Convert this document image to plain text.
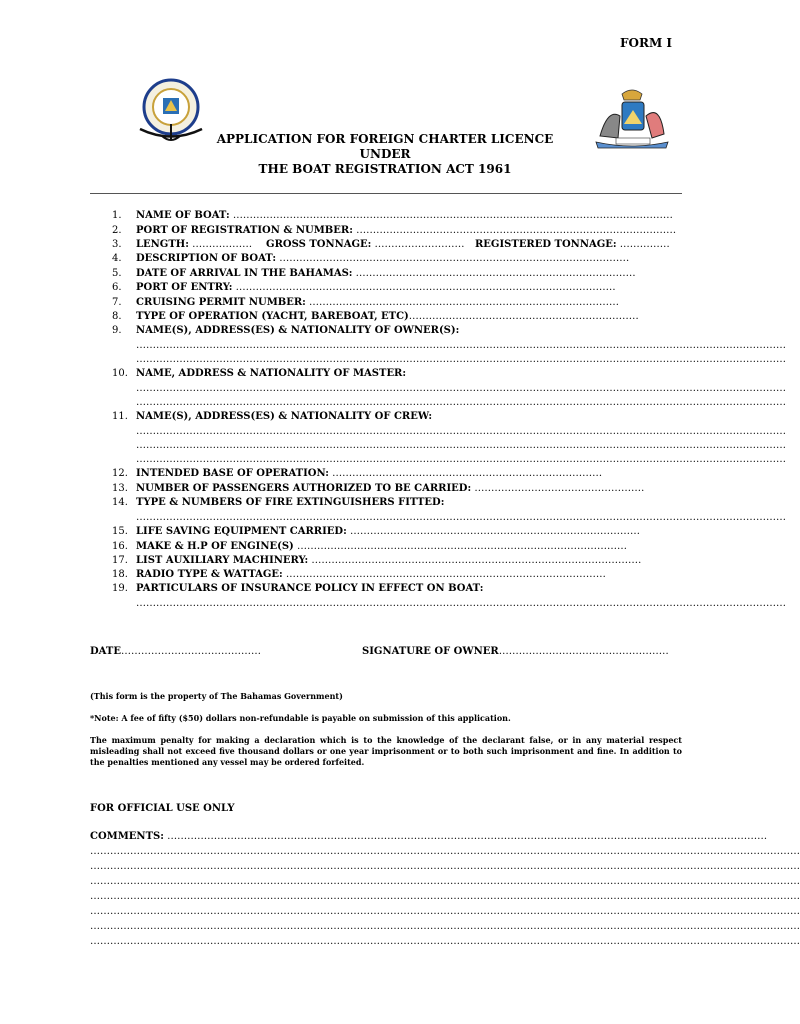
FORM I
APPLICATION FOR FOREIGN CHARTER LICENCE
UNDER
THE BOAT REGISTRATION ACT 1961
1. NAME OF BOAT: ……………………………………………………………………………………………………………………
2. PORT OF REGISTRATION & NUMBER: ……………………………………………………………………………………
3. LENGTH: ……………… GROSS TONNAGE: ……………………… REGISTERED TONNAGE: ……………
4. DESCRIPTION OF BOAT: ……………………………………………………………………………………………
5. DATE OF ARRIVAL IN THE BAHAMAS: …………………………………………………………………………
6. PORT OF ENTRY: ……………………………………………………………………………………………………
7. CRUISING PERMIT NUMBER: …………………………………………………………………………………
8. TYPE OF OPERATION (YACHT, BAREBOAT, ETC)……………………………………………………………
9. NAME(S), ADDRESS(ES) & NATIONALITY OF OWNER(S):
……………………………………………………………………………………………………………………………………………………………………………
……………………………………………………………………………………………………………………………………………………………………………
10. NAME, ADDRESS & NATIONALITY OF MASTER:
……………………………………………………………………………………………………………………………………………………………………………
……………………………………………………………………………………………………………………………………………………………………………
11. NAME(S), ADDRESS(ES) & NATIONALITY OF CREW:
……………………………………………………………………………………………………………………………………………………………………………
……………………………………………………………………………………………………………………………………………………………………………
……………………………………………………………………………………………………………………………………………………………………………
12. INTENDED BASE OF OPERATION: ………………………………………………………………………
13. NUMBER OF PASSENGERS AUTHORIZED TO BE CARRIED: ……………………………………………
14. TYPE & NUMBERS OF FIRE EXTINGUISHERS FITTED:
……………………………………………………………………………………………………………………………………………………………………………
15. LIFE SAVING EQUIPMENT CARRIED: ……………………………………………………………………………
16. MAKE & H.P OF ENGINE(S) ………………………………………………………………………………………
17. LIST AUXILIARY MACHINERY: ………………………………………………………………………………………
18. RADIO TYPE & WATTAGE: ……………………………………………………………………………………
19. PARTICULARS OF INSURANCE POLICY IN EFFECT ON BOAT:
……………………………………………………………………………………………………………………………………………………………………………
DATE……………………………………	SIGNATURE OF OWNER……………………………………………
(This form is the property of The Bahamas Government)
*Note: A fee of fifty ($50) dollars non-refundable is payable on submission of this application.
The maximum penalty for making a declaration which is to the knowledge of the declarant false, or in any material respect misleading shall not exceed five thousand dollars or one year imprisonment or to both such imprisonment and fine. In addition to the penalties mentioned any vessel may be ordered forfeited.
FOR OFFICIAL USE ONLY
COMMENTS: ………………………………………………………………………………………………………………………………………………………………
……………………………………………………………………………………………………………………………………………………………………………………………
……………………………………………………………………………………………………………………………………………………………………………………………
……………………………………………………………………………………………………………………………………………………………………………………………
……………………………………………………………………………………………………………………………………………………………………………………………
……………………………………………………………………………………………………………………………………………………………………………………………
……………………………………………………………………………………………………………………………………………………………………………………………
……………………………………………………………………………………………………………………………………………………………………………………………
